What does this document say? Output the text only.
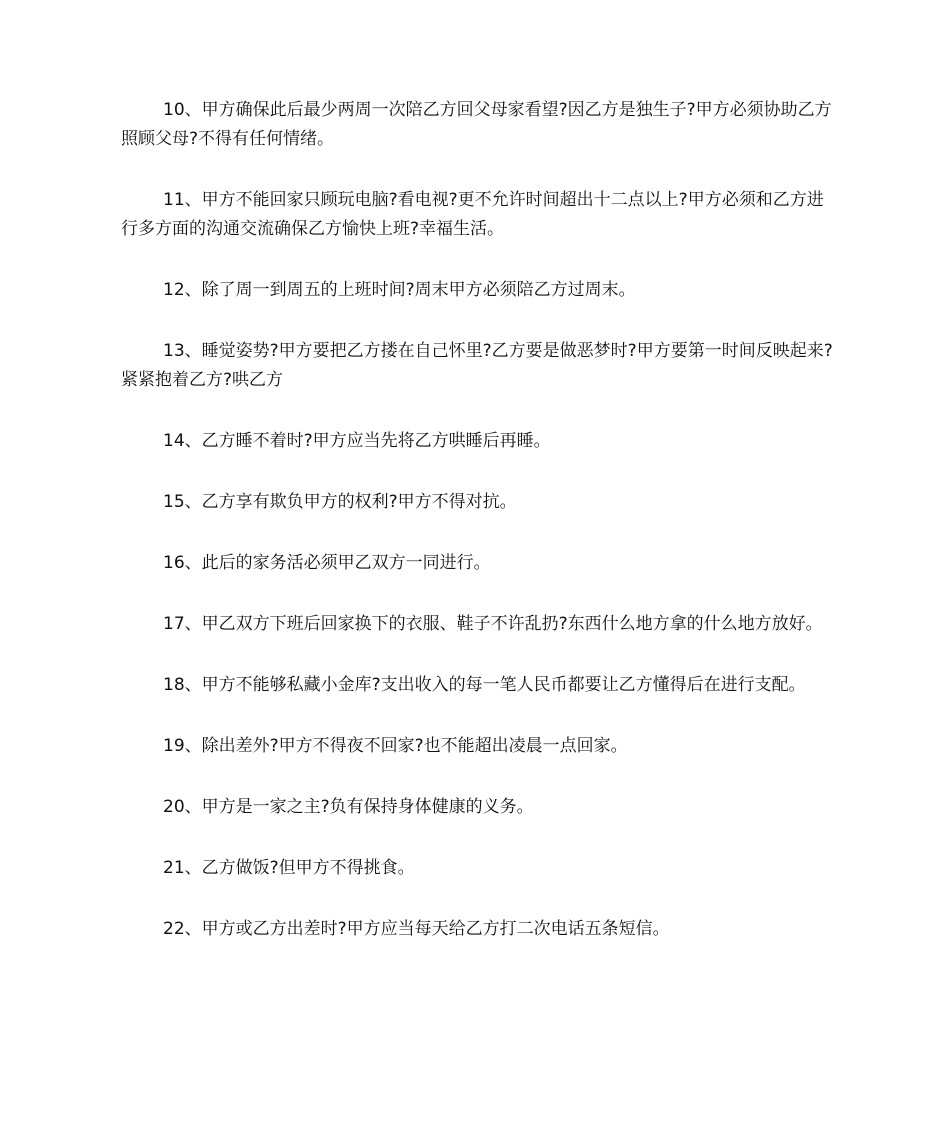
10、甲方确保此后最少两周一次陪乙方回父母家看望?因乙方是独生子?甲方必须协助乙方照顾父母?不得有任何情绪。

11、甲方不能回家只顾玩电脑?看电视?更不允许时间超出十二点以上?甲方必须和乙方进行多方面的沟通交流确保乙方愉快上班?幸福生活。

12、除了周一到周五的上班时间?周末甲方必须陪乙方过周末。

13、睡觉姿势?甲方要把乙方搂在自己怀里?乙方要是做恶梦时?甲方要第一时间反映起来?紧紧抱着乙方?哄乙方

14、乙方睡不着时?甲方应当先将乙方哄睡后再睡。

15、乙方享有欺负甲方的权利?甲方不得对抗。

16、此后的家务活必须甲乙双方一同进行。

17、甲乙双方下班后回家换下的衣服、鞋子不许乱扔?东西什么地方拿的什么地方放好。

18、甲方不能够私藏小金库?支出收入的每一笔人民币都要让乙方懂得后在进行支配。

19、除出差外?甲方不得夜不回家?也不能超出凌晨一点回家。

20、甲方是一家之主?负有保持身体健康的义务。

21、乙方做饭?但甲方不得挑食。

22、甲方或乙方出差时?甲方应当每天给乙方打二次电话五条短信。
